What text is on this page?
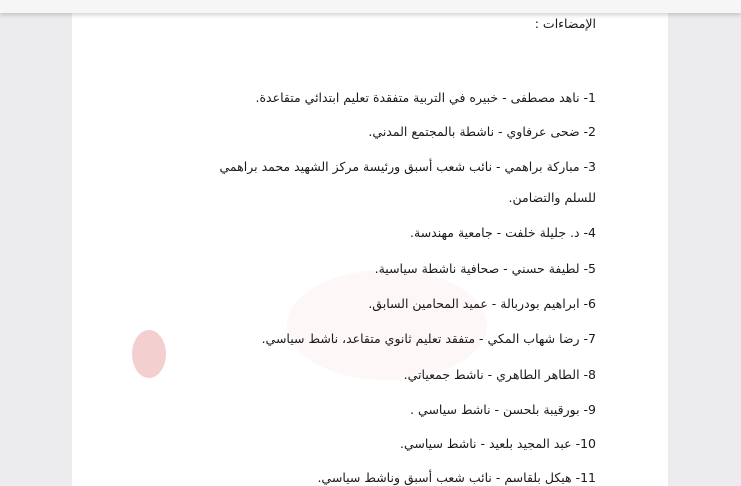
الإمضاءات :
1- ناهد مصطفى - خبيره في التربية متفقدة تعليم ابتدائي متقاعدة.
2- ضحى عرفاوي - ناشطة بالمجتمع المدني.
3- مباركة براهمي - نائب شعب أسبق ورئيسة مركز الشهيد محمد براهمي
للسلم والتضامن.
4- د. جليلة خلفت - جامعية مهندسة.
5- لطيفة حسني - صحافية ناشطة سياسية.
6- ابراهيم بودربالة - عميد المحامين السابق.
7- رضا شهاب المكي - متفقد تعليم ثانوي متقاعد، ناشط سياسي.
8- الطاهر الطاهري - ناشط جمعياتي.
9- بورقيبة بلحسن - ناشط سياسي .
10- عبد المجيد بلعيد - ناشط سياسي.
11- هيكل بلقاسم - نائب شعب أسبق وناشط سياسي.
